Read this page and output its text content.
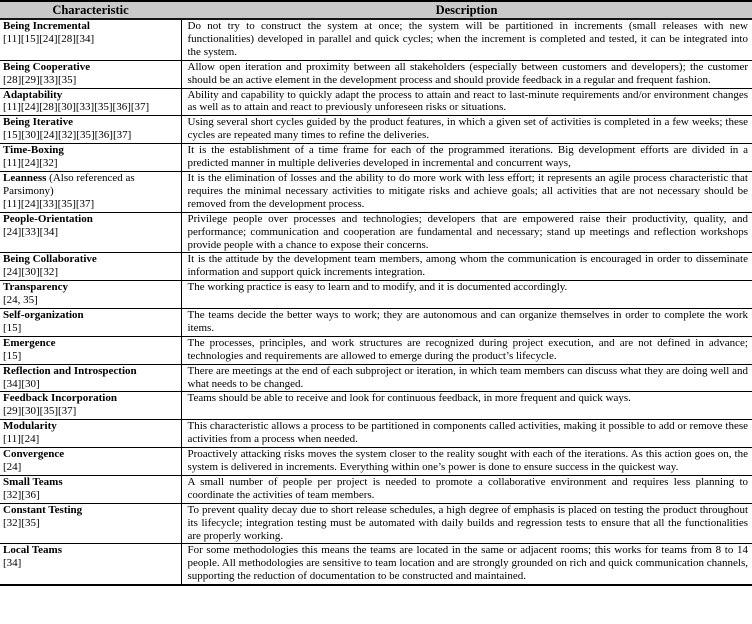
Characteristic	Description
Being Incremental
[11][15][24][28][34]	Do not try to construct the system at once; the system will be partitioned in increments (small releases with new functionalities) developed in parallel and quick cycles; when the increment is completed and tested, it can be integrated into the system.
Being Cooperative
[28][29][33][35]	Allow open iteration and proximity between all stakeholders (especially between customers and developers); the customer should be an active element in the development process and should provide feedback in a regular and frequent fashion.
Adaptability
[11][24][28][30][33][35][36][37]	Ability and capability to quickly adapt the process to attain and react to last-minute requirements and/or environment changes as well as to attain and react to previously unforeseen risks or situations.
Being Iterative
[15][30][24][32][35][36][37]	Using several short cycles guided by the product features, in which a given set of activities is completed in a few weeks; these cycles are repeated many times to refine the deliveries.
Time-Boxing
[11][24][32]	It is the establishment of a time frame for each of the programmed iterations. Big development efforts are divided in a predicted manner in multiple deliveries developed in incremental and concurrent ways,
Leanness (Also referenced as Parsimony)
[11][24][33][35][37]	It is the elimination of losses and the ability to do more work with less effort; it represents an agile process characteristic that requires the minimal necessary activities to mitigate risks and achieve goals; all activities that are not necessary should be removed from the development process.
People-Orientation
[24][33][34]	Privilege people over processes and technologies; developers that are empowered raise their productivity, quality, and performance; communication and cooperation are fundamental and necessary; stand up meetings and reflection workshops provide people with a chance to expose their concerns.
Being Collaborative
[24][30][32]	It is the attitude by the development team members, among whom the communication is encouraged in order to disseminate information and support quick increments integration.
Transparency
[24, 35]	The working practice is easy to learn and to modify, and it is documented accordingly.
Self-organization
[15]	The teams decide the better ways to work; they are autonomous and can organize themselves in order to complete the work items.
Emergence
[15]	The processes, principles, and work structures are recognized during project execution, and are not defined in advance; technologies and requirements are allowed to emerge during the product’s lifecycle.
Reflection and Introspection
[34][30]	There are meetings at the end of each subproject or iteration, in which team members can discuss what they are doing well and what needs to be changed.
Feedback Incorporation
[29][30][35][37]	Teams should be able to receive and look for continuous feedback, in more frequent and quick ways.
Modularity
[11][24]	This characteristic allows a process to be partitioned in components called activities, making it possible to add or remove these activities from a process when needed.
Convergence
[24]	Proactively attacking risks moves the system closer to the reality sought with each of the iterations. As this action goes on, the system is delivered in increments. Everything within one’s power is done to ensure success in the quickest way.
Small Teams
[32][36]	A small number of people per project is needed to promote a collaborative environment and requires less planning to coordinate the activities of team members.
Constant Testing
[32][35]	To prevent quality decay due to short release schedules, a high degree of emphasis is placed on testing the product throughout its lifecycle; integration testing must be automated with daily builds and regression tests to ensure that all the functionalities are properly working.
Local Teams
[34]	For some methodologies this means the teams are located in the same or adjacent rooms; this works for teams from 8 to 14 people. All methodologies are sensitive to team location and are strongly grounded on rich and quick communication channels, supporting the reduction of documentation to be constructed and maintained.
